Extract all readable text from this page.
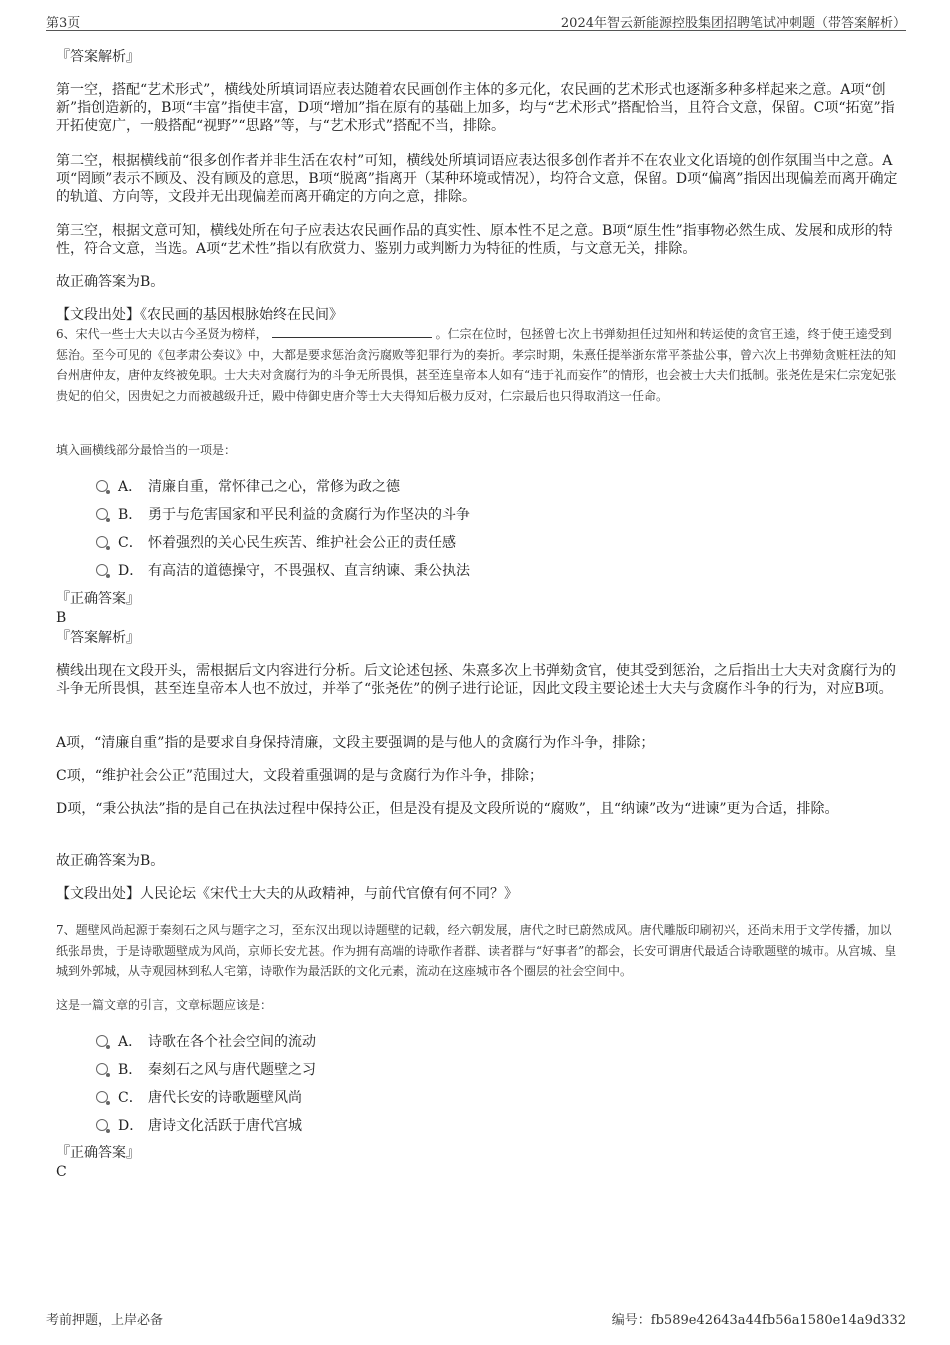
第3页	2024年智云新能源控股集团招聘笔试冲刺题（带答案解析）
『答案解析』

第一空，搭配“艺术形式”，横线处所填词语应表达随着农民画创作主体的多元化，农民画的艺术形式也逐渐多种多样起来之意。A项“创新”指创造新的，B项“丰富”指使丰富，D项“增加”指在原有的基础上加多，均与“艺术形式”搭配恰当，且符合文意，保留。C项“拓宽”指开拓使宽广，一般搭配“视野”“思路”等，与“艺术形式”搭配不当，排除。

第二空，根据横线前“很多创作者并非生活在农村”可知，横线处所填词语应表达很多创作者并不在农业文化语境的创作氛围当中之意。A项“罔顾”表示不顾及、没有顾及的意思，B项“脱离”指离开（某种环境或情况），均符合文意，保留。D项“偏离”指因出现偏差而离开确定的轨道、方向等，文段并无出现偏差而离开确定的方向之意，排除。

第三空，根据文意可知，横线处所在句子应表达农民画作品的真实性、原本性不足之意。B项“原生性”指事物必然生成、发展和成形的特性，符合文意，当选。A项“艺术性”指以有欣赏力、鉴别力或判断力为特征的性质，与文意无关，排除。

故正确答案为B。
【文段出处】《农民画的基因根脉始终在民间》

6、宋代一些士大夫以古今圣贤为榜样，	。仁宗在位时，包拯曾七次上书弹劾担任过知州和转运使的贪官王逵，终于使王逵受到惩治。至今可见的《包孝肃公奏议》中，大都是要求惩治贪污腐败等犯罪行为的奏折。孝宗时期，朱熹任提举浙东常平茶盐公事，曾六次上书弹劾贪赃枉法的知台州唐仲友，唐仲友终被免职。士大夫对贪腐行为的斗争无所畏惧，甚至连皇帝本人如有“违于礼而妄作”的情形，也会被士大夫们抵制。张尧佐是宋仁宗宠妃张贵妃的伯父，因贵妃之力而被越级升迁，殿中侍御史唐介等士大夫得知后极力反对，仁宗最后也只得取消这一任命。

填入画横线部分最恰当的一项是：
A． 清廉自重，常怀律己之心，常修为政之德
B． 勇于与危害国家和平民利益的贪腐行为作坚决的斗争
C． 怀着强烈的关心民生疾苦、维护社会公正的责任感
D． 有高洁的道德操守，不畏强权、直言纳谏、秉公执法
『正确答案』
B
『答案解析』

横线出现在文段开头，需根据后文内容进行分析。后文论述包拯、朱熹多次上书弹劾贪官，使其受到惩治，之后指出士大夫对贪腐行为的斗争无所畏惧，甚至连皇帝本人也不放过，并举了“张尧佐”的例子进行论证，因此文段主要论述士大夫与贪腐作斗争的行为，对应B项。

A项，“清廉自重”指的是要求自身保持清廉，文段主要强调的是与他人的贪腐行为作斗争，排除；

C项，“维护社会公正”范围过大，文段着重强调的是与贪腐行为作斗争，排除；

D项，“秉公执法”指的是自己在执法过程中保持公正，但是没有提及文段所说的“腐败”，且“纳谏”改为“进谏”更为合适，排除。

故正确答案为B。
【文段出处】人民论坛《宋代士大夫的从政精神，与前代官僚有何不同？》

7、题壁风尚起源于秦刻石之风与题字之习，至东汉出现以诗题壁的记载，经六朝发展，唐代之时已蔚然成风。唐代雕版印刷初兴，还尚未用于文学传播，加以纸张昂贵，于是诗歌题壁成为风尚，京师长安尤甚。作为拥有高端的诗歌作者群、读者群与“好事者”的都会，长安可谓唐代最适合诗歌题壁的城市。从宫城、皇城到外郭城，从寺观园林到私人宅第，诗歌作为最活跃的文化元素，流动在这座城市各个圈层的社会空间中。

这是一篇文章的引言，文章标题应该是：
A． 诗歌在各个社会空间的流动
B． 秦刻石之风与唐代题壁之习
C． 唐代长安的诗歌题壁风尚
D． 唐诗文化活跃于唐代宫城
『正确答案』
C
考前押题，上岸必备	编号：fb589e42643a44fb56a1580e14a9d332
